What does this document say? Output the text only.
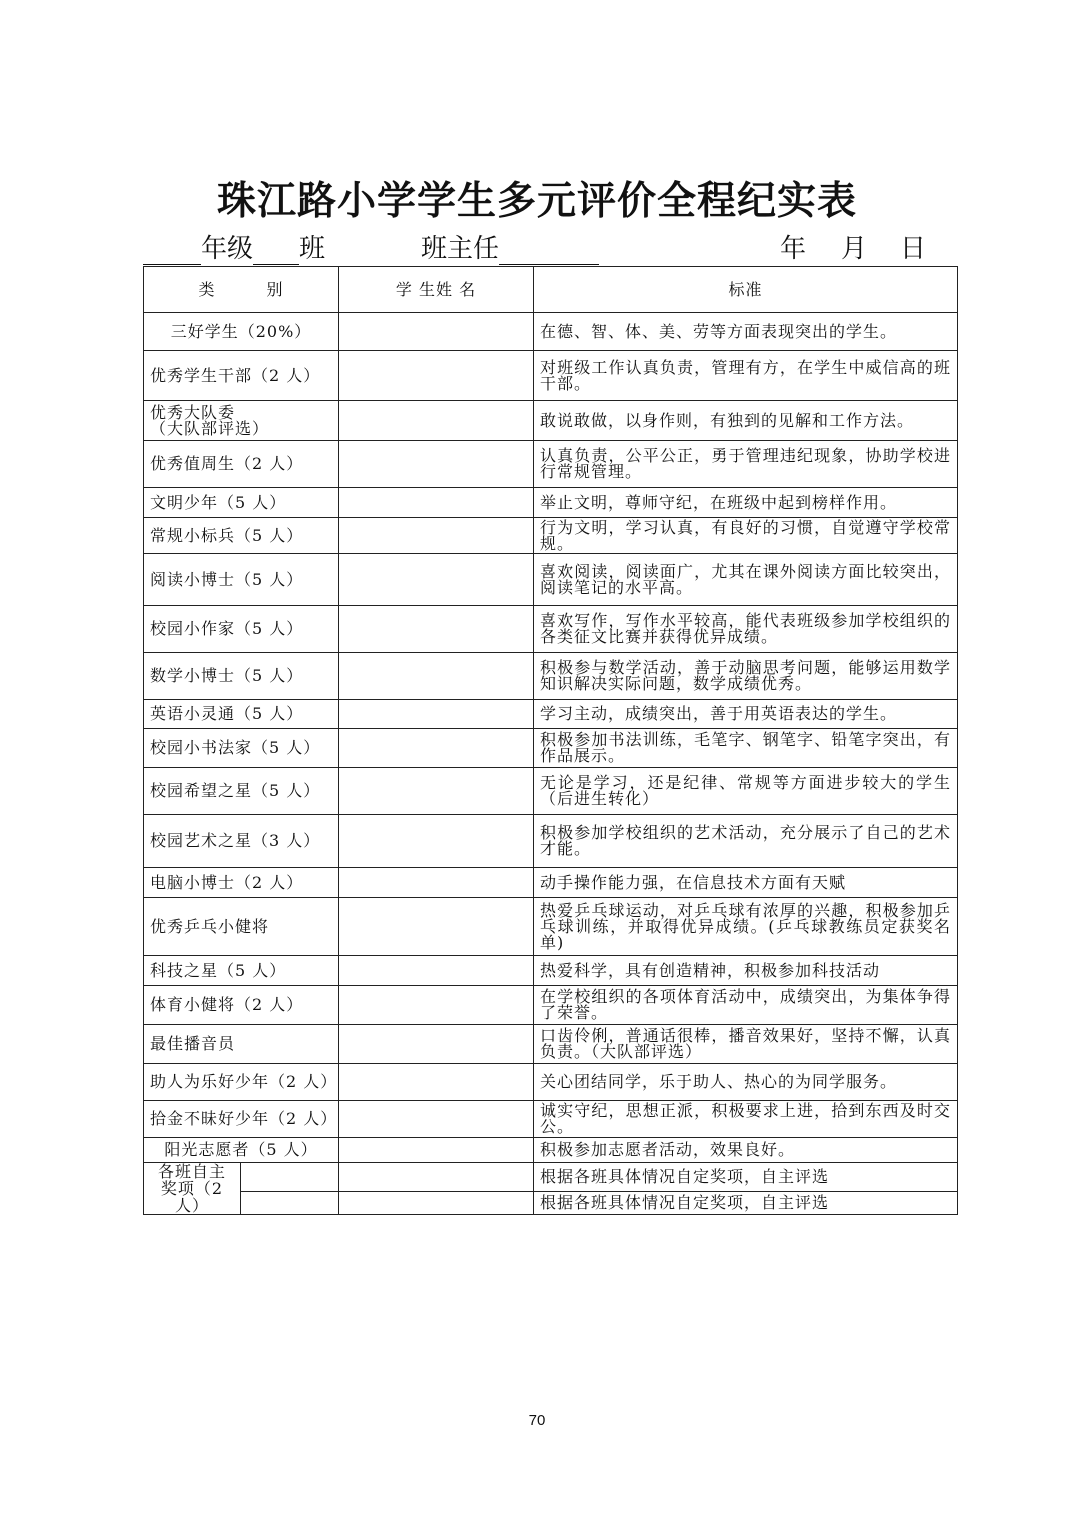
珠江路小学学生多元评价全程纪实表
年级 班	班主任	年 月 日
类　　　别		学 生姓 名	标准
三好学生（20%）			在德、智、体、美、劳等方面表现突出的学生。
优秀学生干部（2 人）			对班级工作认真负责，管理有方，在学生中威信高的班干部。
优秀大队委
（大队部评选）			敢说敢做，以身作则，有独到的见解和工作方法。
优秀值周生（2 人）			认真负责，公平公正，勇于管理违纪现象，协助学校进行常规管理。
文明少年（5 人）			举止文明，尊师守纪，在班级中起到榜样作用。
常规小标兵（5 人）			行为文明，学习认真，有良好的习惯，自觉遵守学校常规。
阅读小博士（5 人）			喜欢阅读，阅读面广，尤其在课外阅读方面比较突出，阅读笔记的水平高。
校园小作家（5 人）			喜欢写作，写作水平较高，能代表班级参加学校组织的各类征文比赛并获得优异成绩。
数学小博士（5 人）			积极参与数学活动，善于动脑思考问题，能够运用数学知识解决实际问题，数学成绩优秀。
英语小灵通（5 人）			学习主动，成绩突出，善于用英语表达的学生。
校园小书法家（5 人）			积极参加书法训练，毛笔字、钢笔字、铅笔字突出，有作品展示。
校园希望之星（5 人）			无论是学习，还是纪律、常规等方面进步较大的学生（后进生转化）
校园艺术之星（3 人）			积极参加学校组织的艺术活动，充分展示了自己的艺术才能。
电脑小博士（2 人）			动手操作能力强，在信息技术方面有天赋
优秀乒乓小健将			热爱乒乓球运动，对乒乓球有浓厚的兴趣，积极参加乒乓球训练，并取得优异成绩。(乒乓球教练员定获奖名单)
科技之星（5 人）			热爱科学，具有创造精神，积极参加科技活动
体育小健将（2 人）			在学校组织的各项体育活动中，成绩突出，为集体争得了荣誉。
最佳播音员			口齿伶俐，普通话很棒，播音效果好，坚持不懈，认真负责。（大队部评选）
助人为乐好少年（2 人）			关心团结同学，乐于助人、热心的为同学服务。
拾金不昧好少年（2 人）			诚实守纪，思想正派，积极要求上进，拾到东西及时交公。
阳光志愿者（5 人）			积极参加志愿者活动，效果良好。
各班自主奖项（2 人）			根据各班具体情况自定奖项，自主评选
			根据各班具体情况自定奖项，自主评选
70
